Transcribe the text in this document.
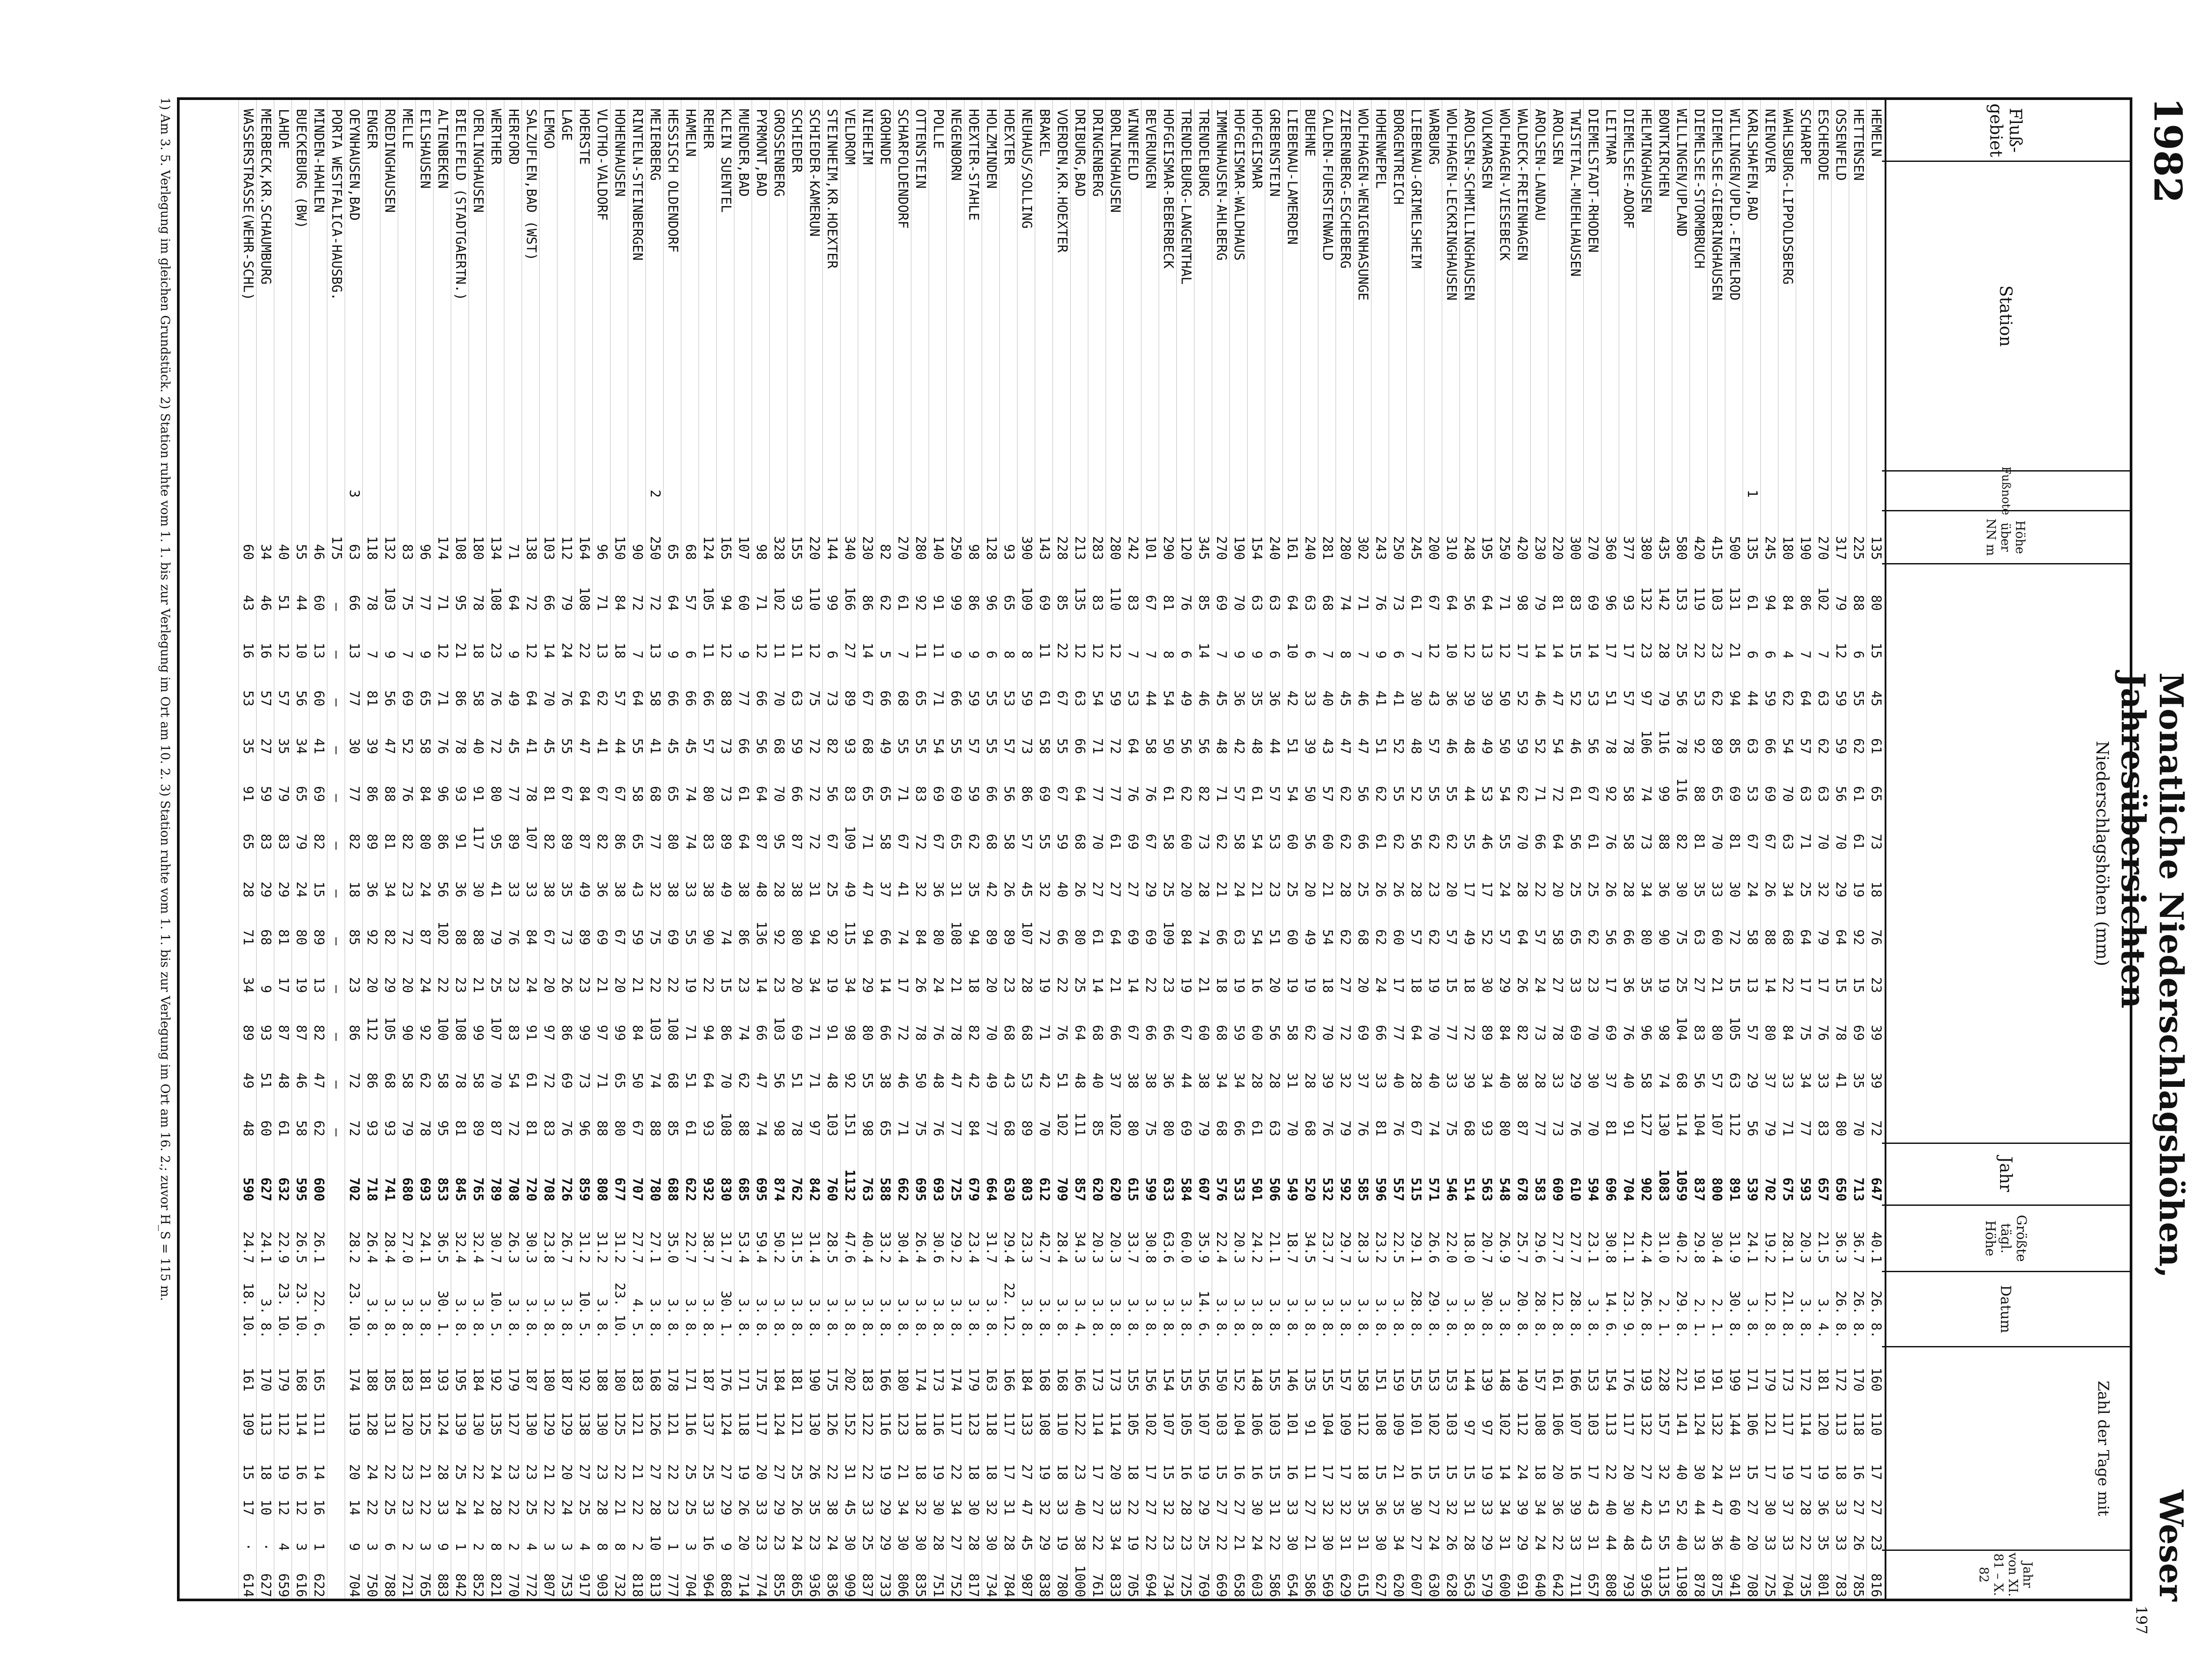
1982
Monatliche Niederschlagshöhen, Jahresübersichten
Weser
197
Fluß- gebiet
Station
Fußnote
Höhe über NN m
Niederschlagshöhen (mm)
Jahr
Größte tägl. Höhe
Datum
Zahl der Tage mit
Jahr von XI. 81 – X. 82
HEMELN
135
80
15
45
61
65
73
18
76
23
39
39
72
647
40.1
26. 8.
160
110
17
27
23
816
HETTENSEN
225
88
6
55
62
61
61
19
92
15
69
35
70
713
36.7
26. 8.
170
118
16
27
26
785
OSSENFELD
317
79
12
59
59
56
70
29
64
15
78
41
80
650
36.3
26. 8.
172
113
18
33
33
783
ESCHERODE
270
102
7
63
62
63
70
32
79
17
76
33
83
657
21.5
3. 4.
181
120
19
36
35
801
SCHARPE
190
86
7
64
57
63
71
25
64
17
75
34
77
593
20.3
3. 8.
172
114
17
28
22
735
WAHLSBURG-LIPPOLDSBERG
180
84
4
62
54
70
63
34
68
22
84
33
71
675
28.1
21. 8.
173
117
19
37
33
704
NIENOVER
245
94
6
59
66
69
67
26
88
14
80
37
79
702
19.2
12. 8.
179
121
17
30
33
725
KARLSHAFEN,BAD
1
135
61
6
44
63
53
67
24
58
13
57
29
56
539
24.1
3. 8.
171
106
15
27
20
708
WILLINGEN/UPLD.-EIMELROD
500
131
21
94
85
69
81
30
72
15
105
63
112
891
31.9
30. 8.
199
144
31
60
40
941
DIEMELSEE-GIEBRINGHAUSEN
415
103
23
62
89
65
70
33
60
21
80
57
107
800
30.4
2. 1.
191
132
24
47
36
875
DIEMELSEE-STORMBRUCH
420
119
22
53
92
88
81
35
63
27
83
56
104
837
29.8
2. 1.
191
124
30
44
33
878
WILLINGEN/UPLAND
580
153
25
56
78
116
82
30
75
25
104
68
114
1059
40.2
29. 8.
212
141
40
52
40
1198
BONTKIRCHEN
435
142
28
79
116
99
88
36
90
19
98
74
130
1083
31.0
2. 1.
228
157
32
51
55
1135
HELMINGHAUSEN
380
132
23
97
106
74
73
34
80
35
96
58
127
902
42.4
26. 8.
193
132
27
42
43
936
DIEMELSEE-ADORF
377
93
17
57
78
58
58
28
66
36
76
40
91
704
21.1
23. 9.
176
117
20
30
48
793
LEITMAR
360
96
17
51
78
92
76
26
56
17
69
37
81
696
30.8
14. 6.
154
113
22
40
44
808
DIEMELSTADT-RHODEN
270
69
14
53
56
67
61
25
62
23
70
30
70
594
23.1
3. 8.
153
103
17
43
31
657
TWISTETAL-MUEHLHAUSEN
300
83
15
52
46
61
56
25
65
33
69
29
76
610
27.7
28. 8.
166
107
16
39
33
711
AROLSEN
220
81
14
47
54
72
64
20
58
27
78
33
73
609
27.7
12. 8.
161
106
20
36
22
642
AROLSEN-LANDAU
230
79
14
46
52
71
66
22
57
24
73
28
77
583
29.6
28. 8.
157
108
18
34
24
640
WALDECK-FREIENHAGEN
420
98
17
52
59
62
70
28
64
26
82
38
87
678
25.7
20. 8.
149
112
24
39
29
691
WOLFHAGEN-VIESEBECK
250
71
12
50
50
54
55
24
57
29
84
40
80
548
26.9
3. 8.
148
102
14
34
31
600
VOLKMARSEN
195
64
13
39
49
53
46
17
52
30
89
34
93
563
20.7
30. 8.
139
97
19
33
29
579
AROLSEN-SCHMILLINGHAUSEN
248
56
12
39
48
44
55
17
49
18
72
39
68
514
18.0
3. 8.
144
97
15
31
28
563
WOLFHAGEN-LECKRINGHAUSEN
310
64
10
36
46
55
62
20
57
15
77
33
75
546
22.0
3. 8.
153
103
15
32
26
628
WARBURG
200
67
12
43
57
55
62
23
62
19
70
40
74
571
26.6
29. 8.
153
102
15
27
24
630
LIEBENAU-GRIMELSHEIM
245
61
7
30
48
52
56
28
57
18
64
28
67
515
29.1
28. 8.
155
101
16
30
27
607
BORGENTREICH
250
73
6
41
52
55
62
26
60
17
77
40
76
557
22.5
3. 8.
159
109
21
35
34
620
HOHENWEPEL
243
76
9
41
51
62
61
26
62
24
66
33
81
596
23.2
3. 8.
151
108
15
36
30
627
WOLFHAGEN-WENIGENHASUNGE
302
71
7
46
47
56
66
25
68
20
69
37
76
585
28.3
3. 8.
158
112
18
35
31
615
ZIERENBERG-ESCHEBERG
280
74
8
45
47
62
62
28
62
27
72
32
79
592
29.7
3. 8.
157
109
17
32
31
629
CALDEN-FUERSTENWALD
281
68
7
40
43
57
60
21
54
18
70
39
76
532
23.7
3. 8.
155
104
17
32
30
569
BUEHNE
240
63
6
33
39
50
56
20
49
19
62
28
68
520
34.5
3. 8.
135
91
11
27
21
586
LIEBENAU-LAMERDEN
161
64
10
42
51
54
60
25
60
19
58
31
70
549
18.7
3. 8.
146
101
16
33
30
654
GREBENSTEIN
240
63
6
36
44
57
53
23
51
20
56
28
63
506
21.1
3. 8.
155
103
15
31
22
586
HOFGEISMAR
154
63
9
35
48
61
54
21
54
16
60
28
61
501
24.2
3. 8.
148
106
16
30
24
603
HOFGEISMAR-WALDHAUS
190
70
9
36
42
57
58
24
63
19
59
34
66
533
20.3
3. 8.
152
104
16
27
21
658
IMMENHAUSEN-AHLBERG
270
69
7
45
48
71
62
21
66
18
68
34
68
576
22.4
3. 8.
150
103
15
27
22
669
TRENDELBURG
345
85
14
46
56
82
73
28
74
21
60
38
79
607
35.9
14. 6.
156
107
19
29
25
769
TRENDELBURG-LANGENTHAL
120
76
6
49
56
62
60
20
84
19
67
44
69
584
60.0
3. 8.
155
105
16
28
23
725
HOFGEISMAR-BEBERBECK
290
81
8
54
50
61
58
25
109
23
66
36
80
633
63.6
3. 8.
154
107
15
32
23
734
BEVERUNGEN
101
67
7
44
58
76
67
29
69
22
66
38
75
599
30.8
3. 8.
156
102
17
27
22
694
WINNEFELD
242
83
7
53
64
76
69
27
69
14
67
38
80
615
33.7
3. 8.
155
105
18
22
19
705
BORLINGHAUSEN
280
110
12
59
72
77
61
27
64
21
66
37
102
620
20.3
3. 8.
173
114
20
33
34
833
DRINGENBERG
283
83
12
54
71
77
70
27
61
14
68
40
85
620
20.3
3. 8.
173
114
17
27
22
761
DRIBURG,BAD
213
135
12
63
66
64
68
26
80
25
64
48
111
857
34.3
3. 4.
166
122
23
40
38
1000
VOERDEN,KR.HOEXTER
228
85
22
67
55
67
59
40
66
22
76
51
102
709
28.4
3. 8.
168
110
18
33
19
780
BRAKEL
143
69
11
61
58
69
55
32
72
19
71
42
70
612
42.7
3. 8.
168
108
19
32
29
838
NEUHAUS/SOLLING
390
109
8
59
73
86
57
45
107
28
68
53
89
803
23.3
3. 8.
184
133
27
47
45
987
HOEXTER
93
65
8
53
57
56
58
26
89
23
68
43
68
630
29.4
22. 12.
166
117
17
31
28
784
HOLZMINDEN
128
96
6
55
55
66
68
42
89
20
70
49
77
664
31.7
3. 8.
163
118
18
32
30
734
HOEXTER-STAHLE
98
86
9
59
57
59
62
35
94
18
82
42
84
679
23.4
3. 8.
179
123
18
30
28
817
NEGENBORN
250
99
9
66
55
69
65
31
108
21
78
47
77
725
29.2
3. 8.
174
117
22
34
27
752
POLLE
140
91
11
71
54
69
67
36
80
24
76
48
76
693
30.6
3. 8.
173
116
19
30
28
751
OTTENSTEIN
280
92
11
65
55
83
72
32
84
26
78
50
75
695
26.4
3. 8.
174
118
18
32
30
835
SCHARFOLDENDORF
270
61
7
68
55
71
67
41
74
17
72
46
71
662
30.4
3. 8.
180
123
21
34
30
806
GROHNDE
82
62
5
66
49
65
58
37
66
14
66
38
65
588
33.2
3. 8.
166
116
19
29
29
733
NIEHEIM
230
86
14
67
68
65
71
47
94
29
80
55
98
763
40.4
3. 8.
183
122
22
33
25
837
VELDROM
340
166
27
89
93
83
109
49
115
34
98
92
151
1132
47.6
3. 8.
202
152
31
45
30
909
STEINHEIM,KR.HOEXTER
144
99
6
73
82
56
67
25
92
19
91
48
103
760
28.5
3. 8.
175
126
22
38
24
836
SCHIEDER-KAMERUN
220
110
12
75
72
72
72
31
94
34
71
71
97
842
31.4
3. 8.
190
130
26
35
23
936
SCHIEDER
155
93
11
63
59
66
87
38
80
20
69
51
78
762
31.5
3. 8.
181
121
25
26
24
865
GROSSENBERG
328
102
11
70
68
70
95
28
92
23
103
56
98
874
50.2
3. 8.
184
124
27
29
23
855
PYRMONT,BAD
98
71
12
66
56
64
87
48
136
14
66
47
74
695
59.4
3. 8.
175
117
20
33
23
774
MUENDER,BAD
107
60
9
77
66
61
64
38
86
23
74
62
88
685
53.4
3. 8.
171
118
19
26
20
714
KLEIN SUENTEL
165
94
12
88
73
73
89
49
74
15
86
70
108
830
31.7
30. 1.
176
124
27
29
9
868
REHER
124
105
11
66
57
80
83
38
90
22
94
64
93
932
38.7
3. 8.
187
137
25
33
16
964
HAMELN
68
57
6
66
45
74
74
33
55
19
71
51
61
622
22.7
3. 8.
171
116
25
25
3
704
HESSISCH OLDENDORF
65
64
9
66
45
65
80
38
69
22
108
68
85
688
35.0
3. 8.
178
121
22
23
1
777
MEIERBERG
2
250
72
13
58
41
68
77
32
75
22
103
74
88
780
27.1
3. 8.
168
126
27
28
10
813
RINTELN-STEINBERGEN
90
72
7
64
55
58
65
43
59
21
84
50
67
707
27.7
4. 5.
183
121
21
22
2
818
HOHENHAUSEN
150
84
18
57
44
67
86
38
67
20
99
65
80
677
31.2
23. 10.
180
125
22
21
8
732
VLOTHO-VALDORF
96
71
13
62
41
67
82
36
69
21
97
71
88
808
31.2
3. 8.
188
130
23
28
8
903
HOERSTE
164
108
22
64
47
84
87
49
89
23
99
73
96
859
31.2
10. 5.
192
138
27
25
4
917
LAGE
112
79
24
76
55
67
89
35
73
26
86
69
76
726
26.7
3. 8.
187
129
20
24
3
753
LEMGO
103
66
14
70
45
81
82
38
67
20
97
72
83
708
23.8
3. 8.
180
129
21
22
3
807
SALZUFLEN,BAD (WST)
138
72
12
64
41
78
107
33
84
24
91
61
81
720
30.3
3. 8.
187
130
23
25
4
772
HERFORD
71
64
9
49
45
77
89
33
76
23
83
54
72
708
26.3
3. 8.
179
127
23
22
2
770
WERTHER
134
108
23
76
72
80
95
41
79
25
107
70
87
789
30.7
10. 5.
192
135
24
28
8
821
OERLINGHAUSEN
180
78
18
58
40
91
117
30
88
21
99
58
89
765
32.4
3. 8.
184
130
22
24
2
852
BIELEFELD (STADTGAERTN.)
108
95
21
86
78
93
91
36
88
23
108
78
81
845
32.4
3. 8.
195
139
25
24
1
842
ALTENBEKEN
174
71
12
71
76
96
86
56
102
22
100
58
95
853
36.5
30. 1.
193
124
28
33
9
883
EILSHAUSEN
96
77
9
65
58
84
80
24
87
24
92
62
78
693
24.1
3. 8.
181
125
21
22
3
765
MELLE
83
75
7
69
52
76
82
23
72
20
90
58
79
680
27.0
3. 8.
183
120
23
23
2
721
ROEDINGHAUSEN
132
103
9
56
47
88
81
34
82
29
105
68
93
741
28.4
3. 8.
185
131
22
25
6
788
ENGER
118
78
7
81
39
86
89
36
92
20
112
86
93
718
26.4
3. 8.
188
128
24
22
3
750
OEYNHAUSEN,BAD
3
63
66
13
77
30
77
82
18
85
23
86
72
72
702
28.2
23. 10.
174
119
20
14
9
704
PORTA WESTFALICA-HAUSBG.
175
–
–
–
–
–
–
–
–
–
–
–
–
MINDEN-HAHLEN
46
60
13
60
41
69
82
15
89
13
82
47
62
600
26.1
22. 6.
165
111
14
16
1
622
BUECKEBURG (BW)
55
44
10
56
34
65
79
24
80
19
87
46
58
595
26.5
23. 10.
168
114
16
12
3
616
LAHDE
40
51
12
57
35
79
83
29
81
17
87
48
61
632
22.9
23. 10.
179
112
19
12
4
659
MEERBECK,KR.SCHAUMBURG
34
46
16
57
27
59
83
29
68
9
93
51
60
627
24.1
3. 8.
170
113
18
10
·
627
WASSERSTRASSE(WEHR-SCHL)
60
43
16
53
35
91
65
28
71
34
89
49
48
590
24.7
18. 10.
161
109
15
17
·
614
1) Am 3. 5. Verlegung im gleichen Grundstück. 2) Station ruhte vom 1. 1. bis zur Verlegung im Ort am 10. 2. 3) Station ruhte vom 1. 1. bis zur Verlegung im Ort am 16. 2.; zuvor H_S = 115 m.
